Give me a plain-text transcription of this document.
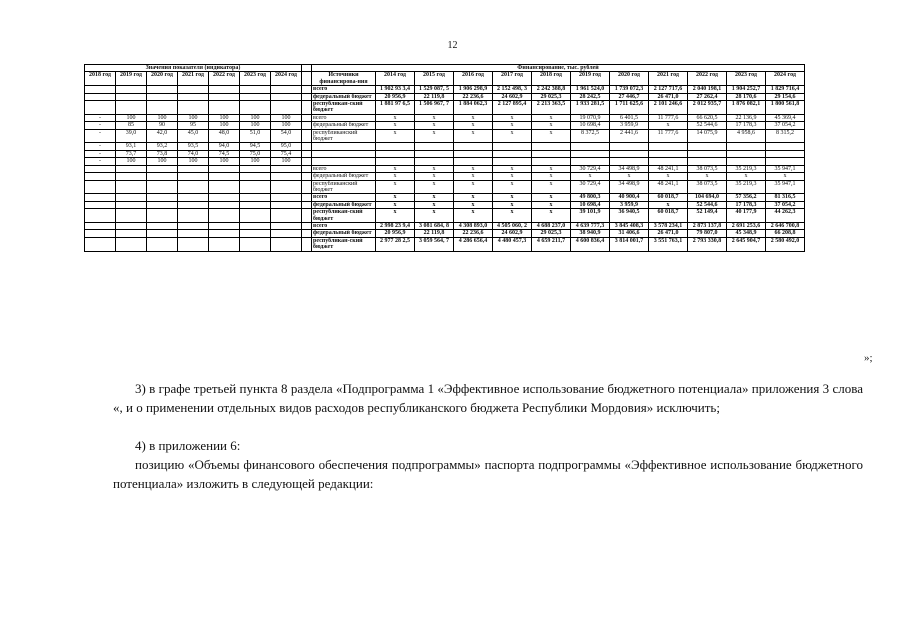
12
Значения показателя (индикатора)								Финансирование, тыс. рублей											
2018 год	2019 год	2020 год	2021 год	2022 год	2023 год	2024 год		Источники финансирова-ния	2014 год	2015 год	2016 год	2017 год	2018 год	2019 год	2020 год	2021 год	2022 год	2023 год	2024 год
								всего	1 902 93 3,4	1 529 087, 5	1 906 298,9	2 152 498, 3	2 242 388,8	1 961 524,0	1 739 072,3	2 127 717,6	2 040 198,1	1 904 252,7	1 829 716,4
								федеральный бюджет	20 956,9	22 119,8	22 236,6	24 602,9	29 025,3	28 242,5	27 446,7	26 471,0	27 262,4	28 170,6	29 154,6
								республикан-ский бюджет	1 881 97 6,5	1 506 967, 7	1 884 062,3	2 127 895,4	2 213 363,5	1 933 281,5	1 711 625,6	2 101 246,6	2 012 935,7	1 876 082,1	1 800 561,8
-	100	100	100	100	100	100		всего	x	x	x	x	x	19 070,9	6 401,5	11 777,6	66 620,5	22 136,9	45 369,4
-	85	90	95	100	100	100		федеральный бюджет	x	x	x	x	x	10 698,4	3 959,9	x	52 544,6	17 178,3	37 054,2
-	39,0	42,0	45,0	48,0	51,0	54,0		республиканский бюджет	x	x	x	x	x	8 372,5	2 441,6	11 777,6	14 075,9	4 958,6	8 315,2
-	93,1	93,2	93,5	94,0	94,5	95,0													
-	73,7	73,8	74,0	74,5	75,0	75,4													
-	100	100	100	100	100	100													
								всего	x	x	x	x	x	30 729,4	34 498,9	48 241,1	38 073,5	35 219,3	35 947,1
								федеральный бюджет	x	x	x	x	x	x	x	x	x	x	x
								республиканский бюджет	x	x	x	x	x	30 729,4	34 498,9	48 241,1	38 073,5	35 219,3	35 947,1
								всего	x	x	x	x	x	49 800,3	40 900,4	60 018,7	104 694,0	57 356,2	81 316,5
								федеральный бюджет	x	x	x	x	x	10 698,4	3 959,9	x	52 544,6	17 178,3	37 054,2
								республикан-ский бюджет	x	x	x	x	x	39 101,9	36 940,5	60 018,7	52 149,4	40 177,9	44 262,3
								всего	2 998 23 9,4	3 081 684, 8	4 308 893,0	4 505 060, 2	4 688 237,0	4 639 777,3	3 845 408,3	3 578 234,1	2 873 137,8	2 691 253,6	2 646 700,8
								федеральный бюджет	20 956,9	22 119,8	22 236,6	24 602,9	29 025,3	38 940,9	31 406,6	26 471,0	79 807,0	45 348,9	66 208,8
								республикан-ский бюджет	2 977 28 2,5	3 059 564, 7	4 286 656,4	4 480 457,3	4 659 211,7	4 600 836,4	3 814 001,7	3 551 763,1	2 793 330,8	2 645 904,7	2 580 492,0
»;
3) в графе третьей пункта 8 раздела «Подпрограмма 1 «Эффективное использование бюджетного потенциала» приложения 3 слова «, и о применении отдельных видов расходов республиканского бюджета Республики Мордовия» исключить;
4) в приложении 6:
позицию «Объемы финансового обеспечения подпрограммы» паспорта подпрограммы «Эффективное использование бюджетного потенциала» изложить в следующей редакции:
